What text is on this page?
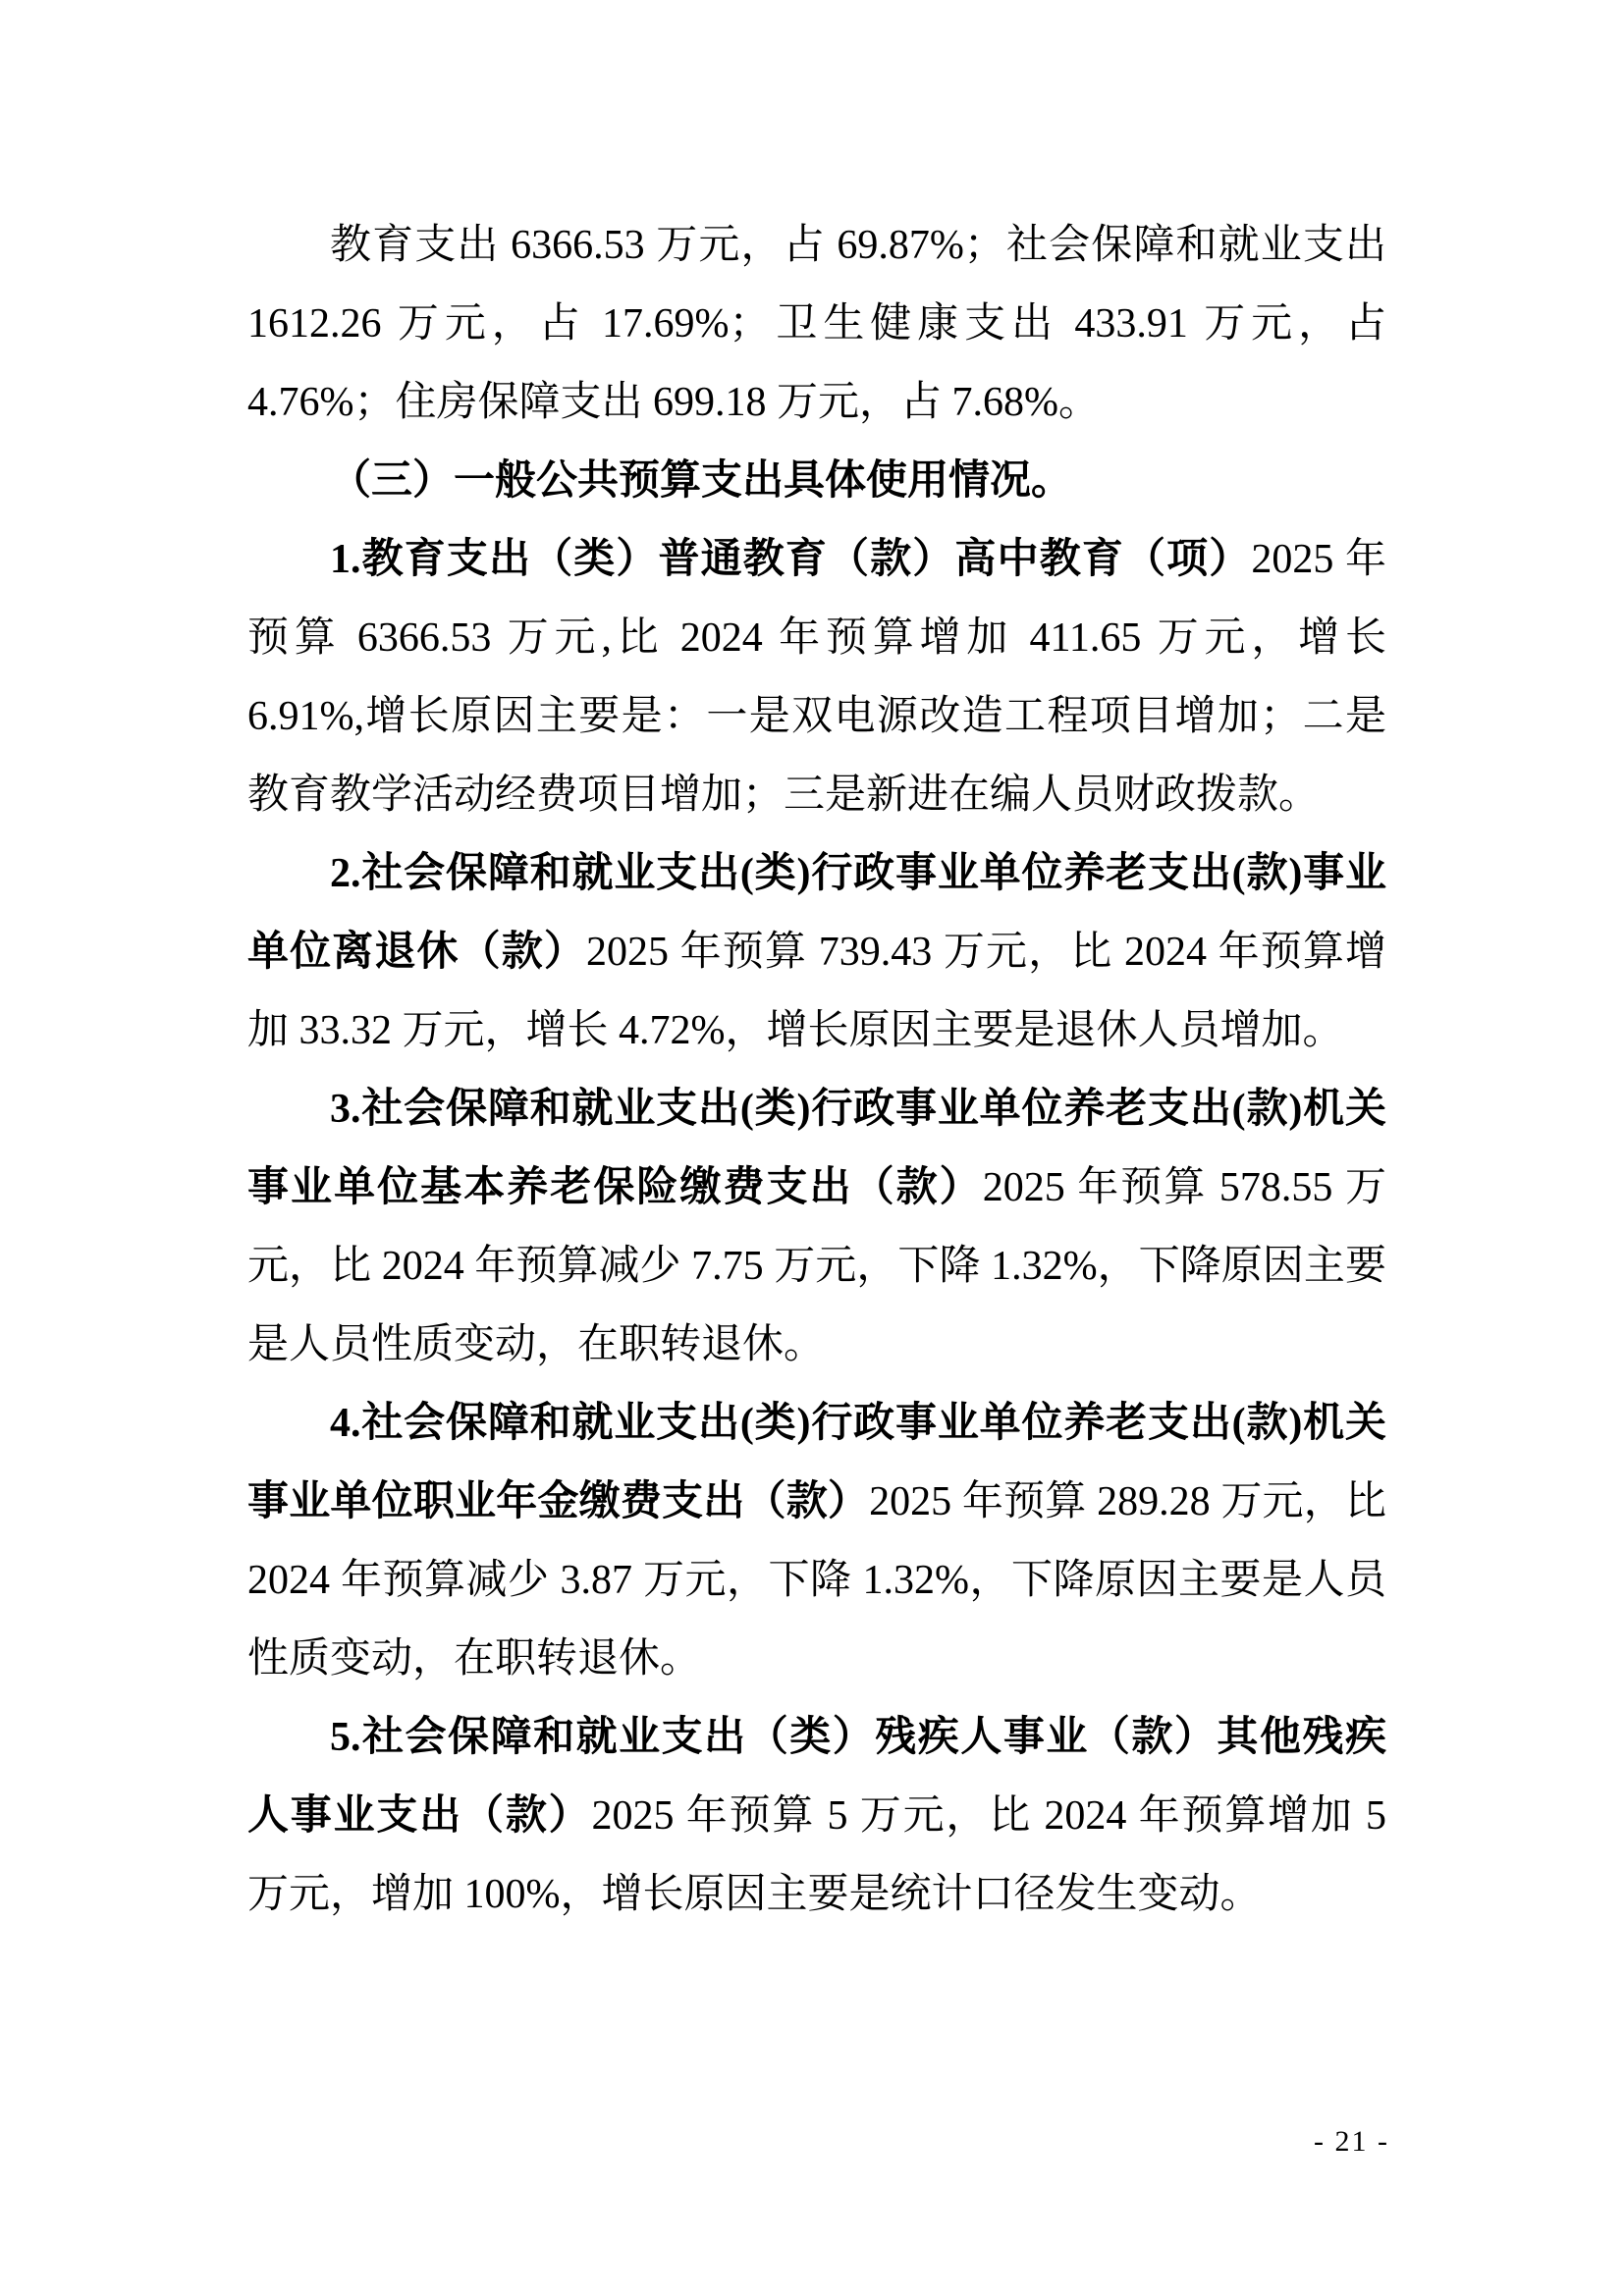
教育支出 6366.53 万元，占 69.87%；社会保障和就业支出 1612.26 万元，占 17.69%；卫生健康支出 433.91 万元，占 4.76%；住房保障支出 699.18 万元，占 7.68%。

（三）一般公共预算支出具体使用情况。

1.教育支出（类）普通教育（款）高中教育（项）2025 年预算 6366.53 万元,比 2024 年预算增加 411.65 万元，增长 6.91%,增长原因主要是：一是双电源改造工程项目增加；二是教育教学活动经费项目增加；三是新进在编人员财政拨款。

2.社会保障和就业支出(类)行政事业单位养老支出(款)事业单位离退休（款）2025 年预算 739.43 万元，比 2024 年预算增加 33.32 万元，增长 4.72%，增长原因主要是退休人员增加。

3.社会保障和就业支出(类)行政事业单位养老支出(款)机关事业单位基本养老保险缴费支出（款）2025 年预算 578.55 万元，比 2024 年预算减少 7.75 万元，下降 1.32%，下降原因主要是人员性质变动，在职转退休。

4.社会保障和就业支出(类)行政事业单位养老支出(款)机关事业单位职业年金缴费支出（款）2025 年预算 289.28 万元，比 2024 年预算减少 3.87 万元，下降 1.32%，下降原因主要是人员性质变动，在职转退休。

5.社会保障和就业支出（类）残疾人事业（款）其他残疾人事业支出（款）2025 年预算 5 万元，比 2024 年预算增加 5 万元，增加 100%，增长原因主要是统计口径发生变动。

- 21 -
